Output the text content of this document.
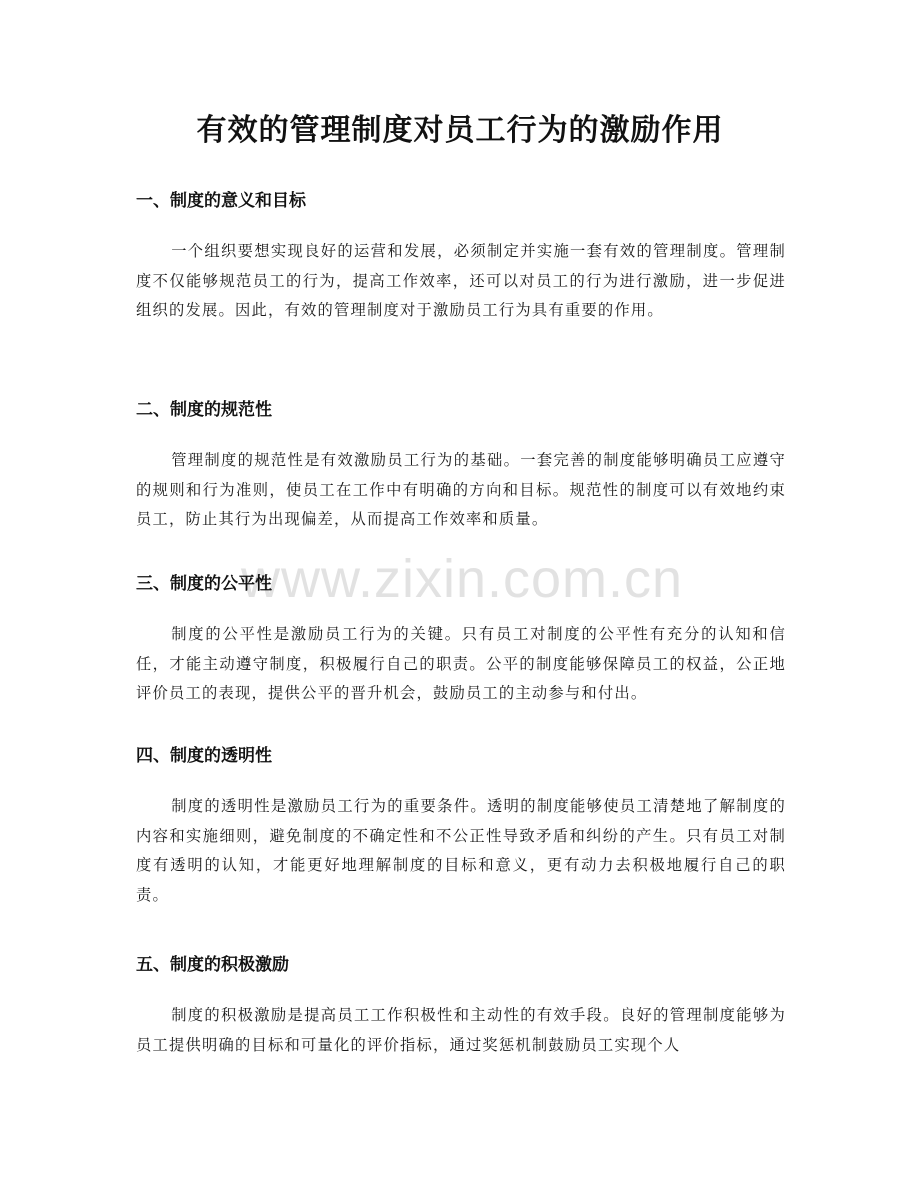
有效的管理制度对员工行为的激励作用
www.zixin.com.cn
一、制度的意义和目标

一个组织要想实现良好的运营和发展，必须制定并实施一套有效的管理制度。管理制度不仅能够规范员工的行为，提高工作效率，还可以对员工的行为进行激励，进一步促进组织的发展。因此，有效的管理制度对于激励员工行为具有重要的作用。

二、制度的规范性

管理制度的规范性是有效激励员工行为的基础。一套完善的制度能够明确员工应遵守的规则和行为准则，使员工在工作中有明确的方向和目标。规范性的制度可以有效地约束员工，防止其行为出现偏差，从而提高工作效率和质量。

三、制度的公平性

制度的公平性是激励员工行为的关键。只有员工对制度的公平性有充分的认知和信任，才能主动遵守制度，积极履行自己的职责。公平的制度能够保障员工的权益，公正地评价员工的表现，提供公平的晋升机会，鼓励员工的主动参与和付出。

四、制度的透明性

制度的透明性是激励员工行为的重要条件。透明的制度能够使员工清楚地了解制度的内容和实施细则，避免制度的不确定性和不公正性导致矛盾和纠纷的产生。只有员工对制度有透明的认知，才能更好地理解制度的目标和意义，更有动力去积极地履行自己的职责。

五、制度的积极激励

制度的积极激励是提高员工工作积极性和主动性的有效手段。良好的管理制度能够为员工提供明确的目标和可量化的评价指标，通过奖惩机制鼓励员工实现个人
